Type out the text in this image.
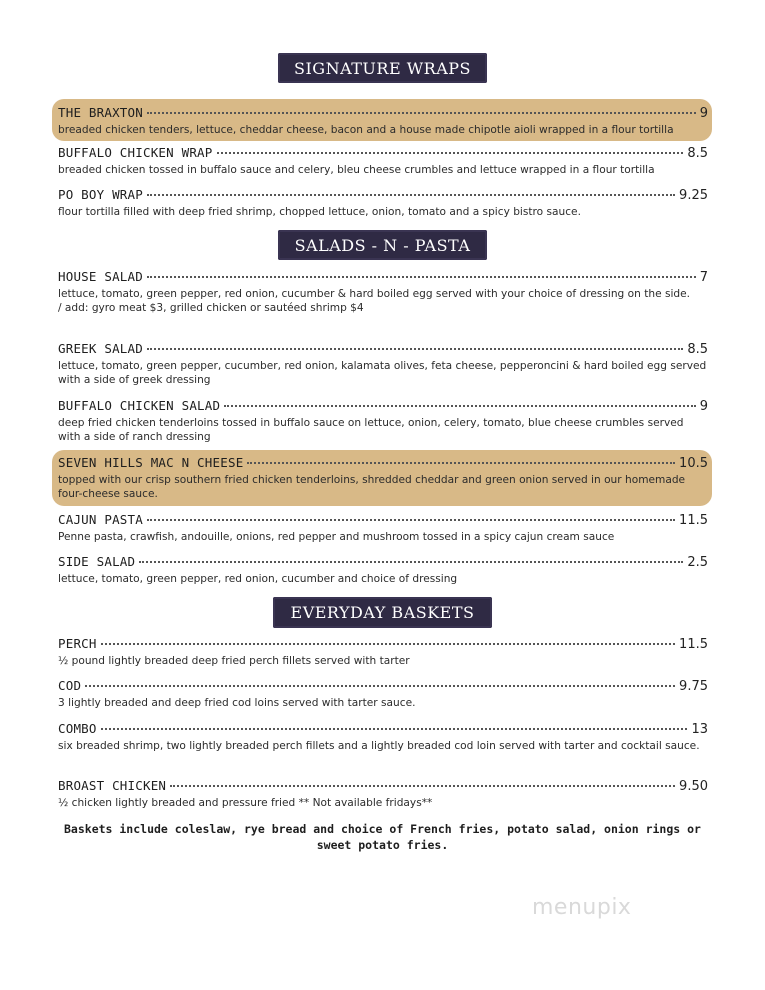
SIGNATURE WRAPS
SALADS - N - PASTA
EVERYDAY BASKETS
THE BRAXTON	9
breaded chicken tenders, lettuce, cheddar cheese, bacon and a house made chipotle aioli wrapped in a flour tortilla
BUFFALO CHICKEN WRAP	8.5
breaded chicken tossed in buffalo sauce and celery, bleu cheese crumbles and lettuce wrapped in a flour tortilla
PO BOY WRAP	9.25
flour tortilla filled with deep fried shrimp, chopped lettuce, onion, tomato and a spicy bistro sauce.
HOUSE SALAD	7
lettuce, tomato, green pepper, red onion, cucumber & hard boiled egg served with your choice of dressing on the side.
/ add: gyro meat $3, grilled chicken or sautéed shrimp $4
GREEK SALAD	8.5
lettuce, tomato, green pepper, cucumber, red onion, kalamata olives, feta cheese, pepperoncini & hard boiled egg served with a side of greek dressing
BUFFALO CHICKEN SALAD	9
deep fried chicken tenderloins tossed in buffalo sauce on lettuce, onion, celery, tomato, blue cheese crumbles served with a side of ranch dressing
SEVEN HILLS MAC N CHEESE	10.5
topped with our crisp southern fried chicken tenderloins, shredded cheddar and green onion served in our homemade four-cheese sauce.
CAJUN PASTA	11.5
Penne pasta, crawfish, andouille, onions, red pepper and mushroom tossed in a spicy cajun cream sauce
SIDE SALAD	2.5
lettuce, tomato, green pepper, red onion, cucumber and choice of dressing
PERCH	11.5
½ pound lightly breaded deep fried perch fillets served with tarter
COD	9.75
3 lightly breaded and deep fried cod loins served with tarter sauce.
COMBO	13
six breaded shrimp, two lightly breaded perch fillets and a lightly breaded cod loin served with tarter and cocktail sauce.
BROAST CHICKEN	9.50
½ chicken lightly breaded and pressure fried ** Not available fridays**
Baskets include coleslaw, rye bread and choice of French fries, potato salad, onion rings or sweet potato fries.
menupix
